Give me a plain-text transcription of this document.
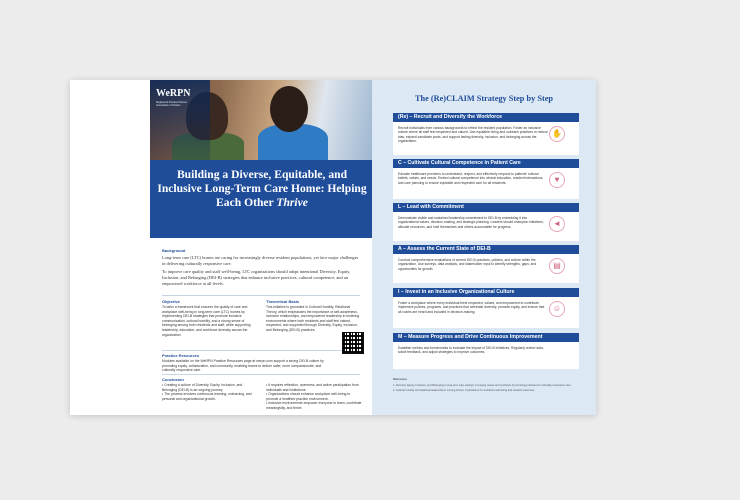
WeRPN
Registered Practical Nurses Association of Ontario
Building a Diverse, Equitable, and Inclusive Long-Term Care Home: Helping Each Other Thrive
Background
Long-term care (LTC) homes are caring for increasingly diverse resident populations, yet face major challenges in delivering culturally responsive care.
To improve care quality and staff well-being, LTC organizations should adopt intentional Diversity, Equity, Inclusion, and Belonging (DEI-B) strategies that enhance inclusive practices, cultural competence, and an empowered workforce at all levels.
Objective
To tailor a framework that ensures the quality of care and workplace well-being in long-term care (LTC) homes by implementing DEI-B strategies that promote inclusive communication, cultural humility, and a strong sense of belonging among both residents and staff, while supporting leadership, education, and workforce diversity across the organization.
Theoretical Basis
This initiative is grounded in Cultural Humility, Relational Theory, which emphasizes the importance of self-awareness, inclusive relationships, and empowered leadership in fostering environments where both residents and staff feel valued, respected, and supported through Diversity, Equity, Inclusion, and Belonging (DEI-B) practices.
Practice Resources
Modules available on the WeRPN Practice Resources page at werpn.com support a strong DEI-B culture by promoting equity, collaboration, and community, enabling teams to deliver safer, more compassionate, and culturally responsive care.
Conclusion
• Creating a culture of Diversity, Equity, Inclusion, and Belonging (DEI-B) is an ongoing journey.
• The process involves continuous learning, unlearning, and personal and organizational growth.
• It requires reflection, openness, and active participation from individuals and institutions.
• Organizations should enhance workplace well-being to promote a healthier practice environment.
• Inclusive environments empower everyone to learn, contribute meaningfully, and thrive.
The (Re)CLAIM Strategy Step by Step
(Re) – Recruit and Diversify the Workforce
Recruit individuals from various backgrounds to reflect the resident population. Foster an inclusive culture where all staff feel respected and valued. Use equitable hiring and outreach practices to reduce bias, expand candidate pools, and support lasting diversity, inclusion, and belonging across the organization.
✋
C – Cultivate Cultural Competence in Patient Care
Educate healthcare providers to understand, respect, and effectively respond to patients' cultural beliefs, values, and needs. Embed cultural competence into clinical education, resident interactions, and care planning to ensure equitable and respectful care for all residents.	♥
L – Lead with Commitment
Demonstrate visible and sustained leadership commitment to DEI-B by embedding it into organizational values, decision-making, and strategic planning. Leaders should champion initiatives, allocate resources, and hold themselves and others accountable for progress.	◄
A – Assess the Current State of DEI-B
Conduct comprehensive evaluations of current DEI-B practices, policies, and culture within the organization. Use surveys, data analysis, and stakeholder input to identify strengths, gaps, and opportunities for growth.	▤
I – Invest in an Inclusive Organizational Culture
Foster a workplace where every individual feels respected, valued, and empowered to contribute. Implement policies, programs, and practices that celebrate diversity, promote equity, and ensure that all voices are heard and included in decision-making.	☺
M – Measure Progress and Drive Continuous Improvement
Establish metrics and benchmarks to evaluate the impact of DEI-B initiatives. Regularly review data, solicit feedback, and adjust strategies to improve outcomes.
References
1. Diversity, Equity, Inclusion, and Belonging in long-term care settings: A scoping review and synthesis of promising practices for culturally responsive care.
2. Cultural humility and relational leadership in nursing homes: Implications for workforce well-being and resident outcomes.
